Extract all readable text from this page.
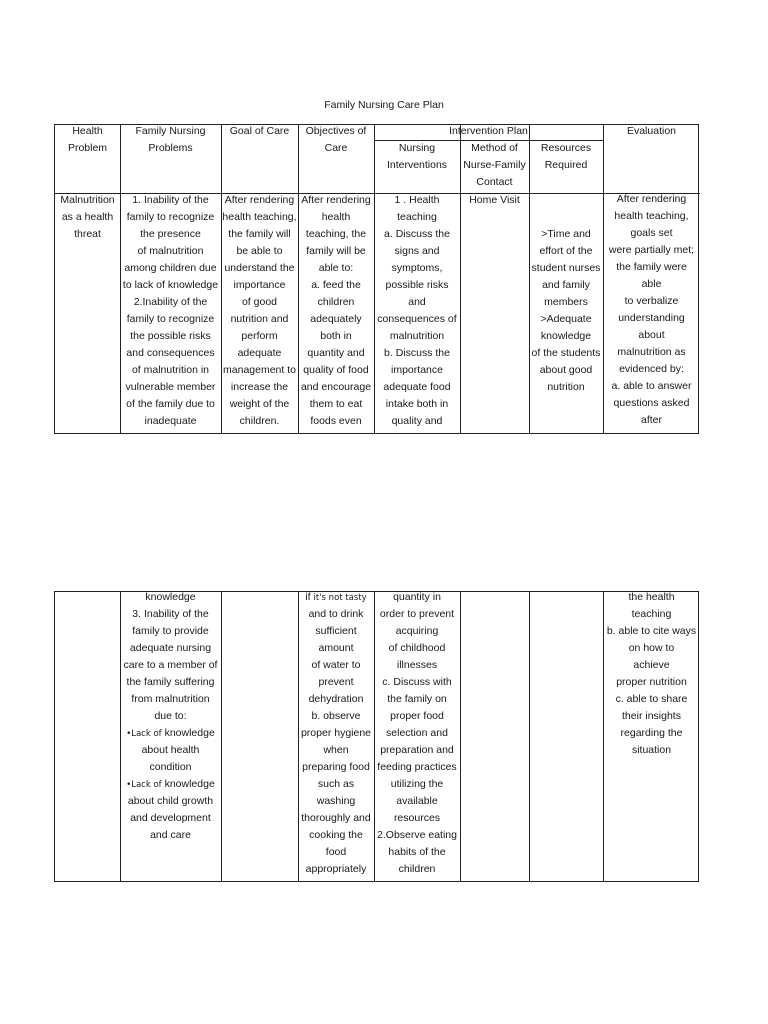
Family Nursing Care Plan
Health
Problem
Family Nursing
Problems
Goal of Care	Objectives of
Care
Intervention Plan
Nursing
Interventions
Method of
Nurse-Family
Contact
Resources
Required
Evaluation
Malnutrition
as a health
threat
1. Inability of the
family to recognize
the presence
of malnutrition
among children due
to lack of knowledge
2.Inability of the
family to recognize
the possible risks
and consequences
of malnutrition in
vulnerable member
of the family due to
inadequate
After rendering
health teaching,
the family will
be able to
understand the
importance
of good
nutrition and
perform
adequate
management to
increase the
weight of the
children.
After rendering
health
teaching, the
family will be
able to:
a. feed the
children
adequately
both in
quantity and
quality of food
and encourage
them to eat
foods even
1 . Health
teaching
a. Discuss the
signs and
symptoms,
possible risks
and
consequences of
malnutrition
b. Discuss the
importance
adequate food
intake both in
quality and
Home Visit
>Time and
effort of the
student nurses
and family
members
>Adequate
knowledge
of the students
about good
nutrition
After rendering
health teaching,
goals set
were partially met;
the family were
able
to verbalize
understanding
about
malnutrition as
evidenced by:
a. able to answer
questions asked
after
knowledge
3. Inability of the
family to provide
adequate nursing
care to a member of
the family suffering
from malnutrition
due to:
•Lack of knowledge
about health
condition
•Lack of knowledge
about child growth
and development
and care
if it's not tasty
and to drink
sufficient
amount
of water to
prevent
dehydration
b. observe
proper hygiene
when
preparing food
such as
washing
thoroughly and
cooking the
food
appropriately
quantity in
order to prevent
acquiring
of childhood
illnesses
c. Discuss with
the family on
proper food
selection and
preparation and
feeding practices
utilizing the
available
resources
2.Observe eating
habits of the
children
the health
teaching
b. able to cite ways
on how to
achieve
proper nutrition
c. able to share
their insights
regarding the
situation
